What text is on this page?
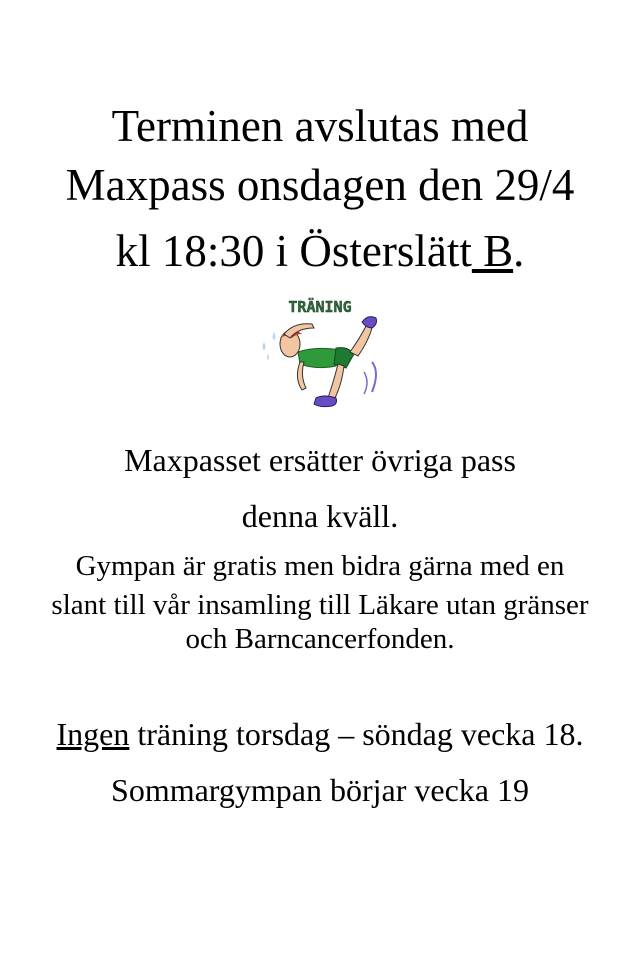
Terminen avslutas med
Maxpass onsdagen den 29/4
kl 18:30 i Österslätt B.
TRÄNING
Maxpasset ersätter övriga pass
denna kväll.
Gympan är gratis men bidra gärna med en
slant till vår insamling till Läkare utan gränser
och Barncancerfonden.
Ingen träning torsdag – söndag vecka 18.
Sommargympan börjar vecka 19
